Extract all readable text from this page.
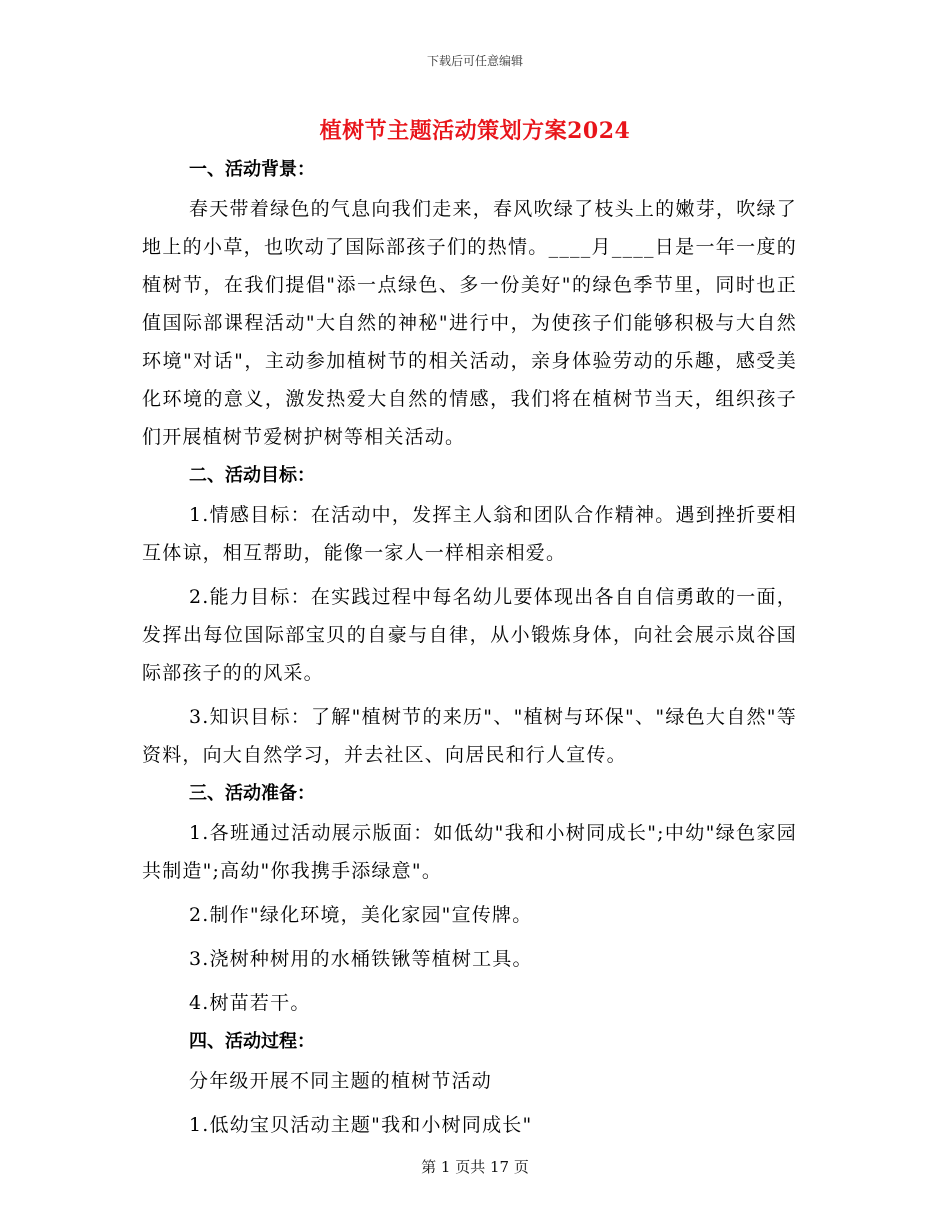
下载后可任意编辑
植树节主题活动策划方案2024
一、活动背景：

春天带着绿色的气息向我们走来，春风吹绿了枝头上的嫩芽，吹绿了地上的小草，也吹动了国际部孩子们的热情。____月____日是一年一度的植树节，在我们提倡"添一点绿色、多一份美好"的绿色季节里，同时也正值国际部课程活动"大自然的神秘"进行中，为使孩子们能够积极与大自然环境"对话"，主动参加植树节的相关活动，亲身体验劳动的乐趣，感受美化环境的意义，激发热爱大自然的情感，我们将在植树节当天，组织孩子们开展植树节爱树护树等相关活动。

二、活动目标：

1.情感目标：在活动中，发挥主人翁和团队合作精神。遇到挫折要相互体谅，相互帮助，能像一家人一样相亲相爱。

2.能力目标：在实践过程中每名幼儿要体现出各自自信勇敢的一面，发挥出每位国际部宝贝的自豪与自律，从小锻炼身体，向社会展示岚谷国际部孩子的的风采。

3.知识目标：了解"植树节的来历"、"植树与环保"、"绿色大自然"等资料，向大自然学习，并去社区、向居民和行人宣传。

三、活动准备：

1.各班通过活动展示版面：如低幼"我和小树同成长";中幼"绿色家园共制造";高幼"你我携手添绿意"。

2.制作"绿化环境，美化家园"宣传牌。

3.浇树种树用的水桶铁锹等植树工具。

4.树苗若干。

四、活动过程：

分年级开展不同主题的植树节活动

1.低幼宝贝活动主题"我和小树同成长"

第 1 页共 17 页
